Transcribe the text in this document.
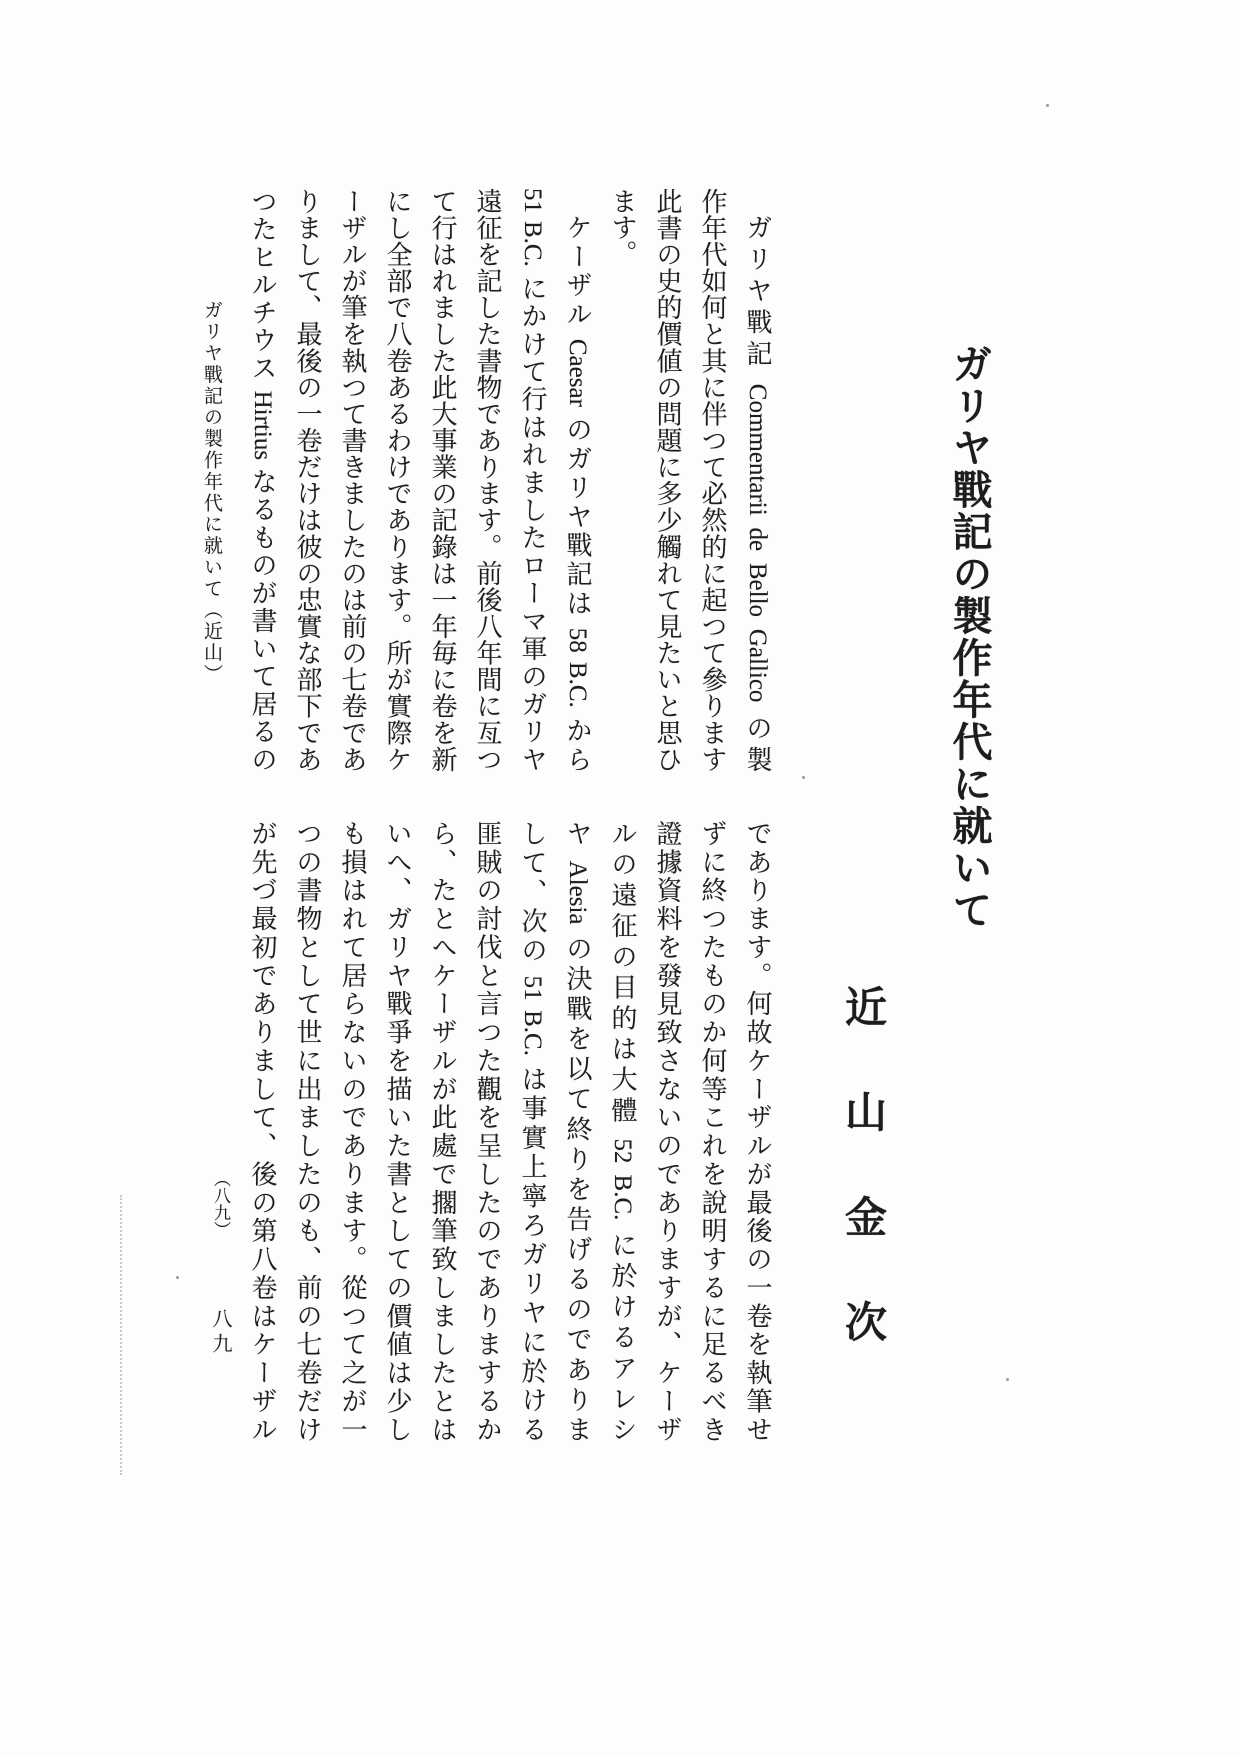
ガリヤ戰記の製作年代に就いて
近山金次
ガリヤ戰記 Commentarii de Bello Gallico の製
作年代如何と其に伴つて必然的に起つて參ります
此書の史的價値の問題に多少觸れて見たいと思ひ
ます。
ケーザル Caesar のガリヤ戰記は 58 B.C. から
51 B.C. にかけて行はれましたローマ軍のガリヤ
遠征を記した書物であります。前後八年間に亙つ
て行はれました此大事業の記錄は一年毎に卷を新
にし全部で八卷あるわけであります。所が實際ケ
ーザルが筆を執つて書きましたのは前の七卷であ
りまして、最後の一卷だけは彼の忠實な部下であ
つたヒルチウス Hirtius なるものが書いて居るの
であります。何故ケーザルが最後の一卷を執筆せ
ずに終つたものか何等これを說明するに足るべき
證據資料を發見致さないのでありますが、ケーザ
ルの遠征の目的は大體 52 B.C. に於けるアレシ
ヤ Alesia の決戰を以て終りを告げるのでありま
して、次の 51 B.C. は事實上寧ろガリヤに於ける
匪賊の討伐と言つた觀を呈したのでありまするか
ら、たとへケーザルが此處で擱筆致しましたとは
いへ、ガリヤ戰爭を描いた書としての價値は少し
も損はれて居らないのであります。從つて之が一
つの書物として世に出ましたのも、前の七卷だけ
が先づ最初でありまして、後の第八卷はケーザル
ガリヤ戰記の製作年代に就いて（近山）
（八九）
八九
